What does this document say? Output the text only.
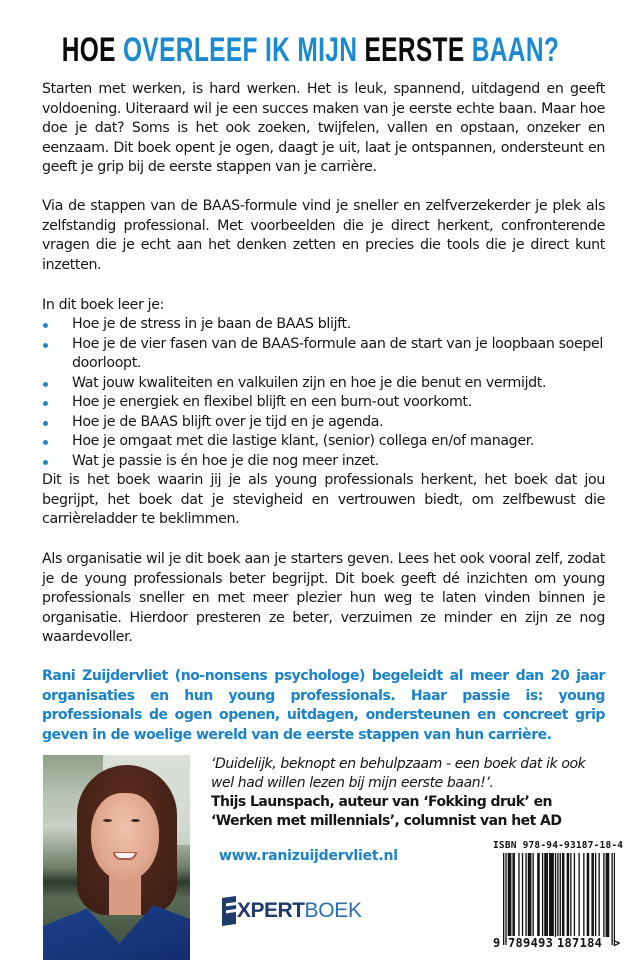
HOE OVERLEEF IK MIJN EERSTE BAAN?

Starten met werken, is hard werken. Het is leuk, spannend, uitdagend en geeft voldoening. Uiteraard wil je een succes maken van je eerste echte baan. Maar hoe doe je dat? Soms is het ook zoeken, twijfelen, vallen en opstaan, onzeker en eenzaam. Dit boek opent je ogen, daagt je uit, laat je ontspannen, ondersteunt en geeft je grip bij de eerste stappen van je carrière.

Via de stappen van de BAAS-formule vind je sneller en zelfverzekerder je plek als zelfstandig professional. Met voorbeelden die je direct herkent, confronterende vragen die je echt aan het denken zetten en precies die tools die je direct kunt inzetten.

In dit boek leer je:

Hoe je de stress in je baan de BAAS blijft.
Hoe je de vier fasen van de BAAS-formule aan de start van je loopbaan soepel doorloopt.
Wat jouw kwaliteiten en valkuilen zijn en hoe je die benut en vermijdt.
Hoe je energiek en flexibel blijft en een burn-out voorkomt.
Hoe je de BAAS blijft over je tijd en je agenda.
Hoe je omgaat met die lastige klant, (senior) collega en/of manager.
Wat je passie is én hoe je die nog meer inzet.

Dit is het boek waarin jij je als young professionals herkent, het boek dat jou begrijpt, het boek dat je stevigheid en vertrouwen biedt, om zelfbewust die carrièreladder te beklimmen.

Als organisatie wil je dit boek aan je starters geven. Lees het ook vooral zelf, zodat je de young professionals beter begrijpt. Dit boek geeft dé inzichten om young professionals sneller en met meer plezier hun weg te laten vinden binnen je organisatie. Hierdoor presteren ze beter, verzuimen ze minder en zijn ze nog waardevoller.

Rani Zuijdervliet (no-nonsens psychologe) begeleidt al meer dan 20 jaar organisaties en hun young professionals. Haar passie is: young professionals de ogen openen, uitdagen, ondersteunen en concreet grip geven in de woelige wereld van de eerste stappen van hun carrière.

‘Duidelijk, beknopt en behulpzaam - een boek dat ik ook wel had willen lezen bij mijn eerste baan!’.

Thijs Launspach, auteur van ‘Fokking druk’ en ‘Werken met millennials’, columnist van het AD

www.ranizuijdervliet.nl
XPERT BOEK
ISBN 978-94-93187-18-4
9 789493 187184 >
